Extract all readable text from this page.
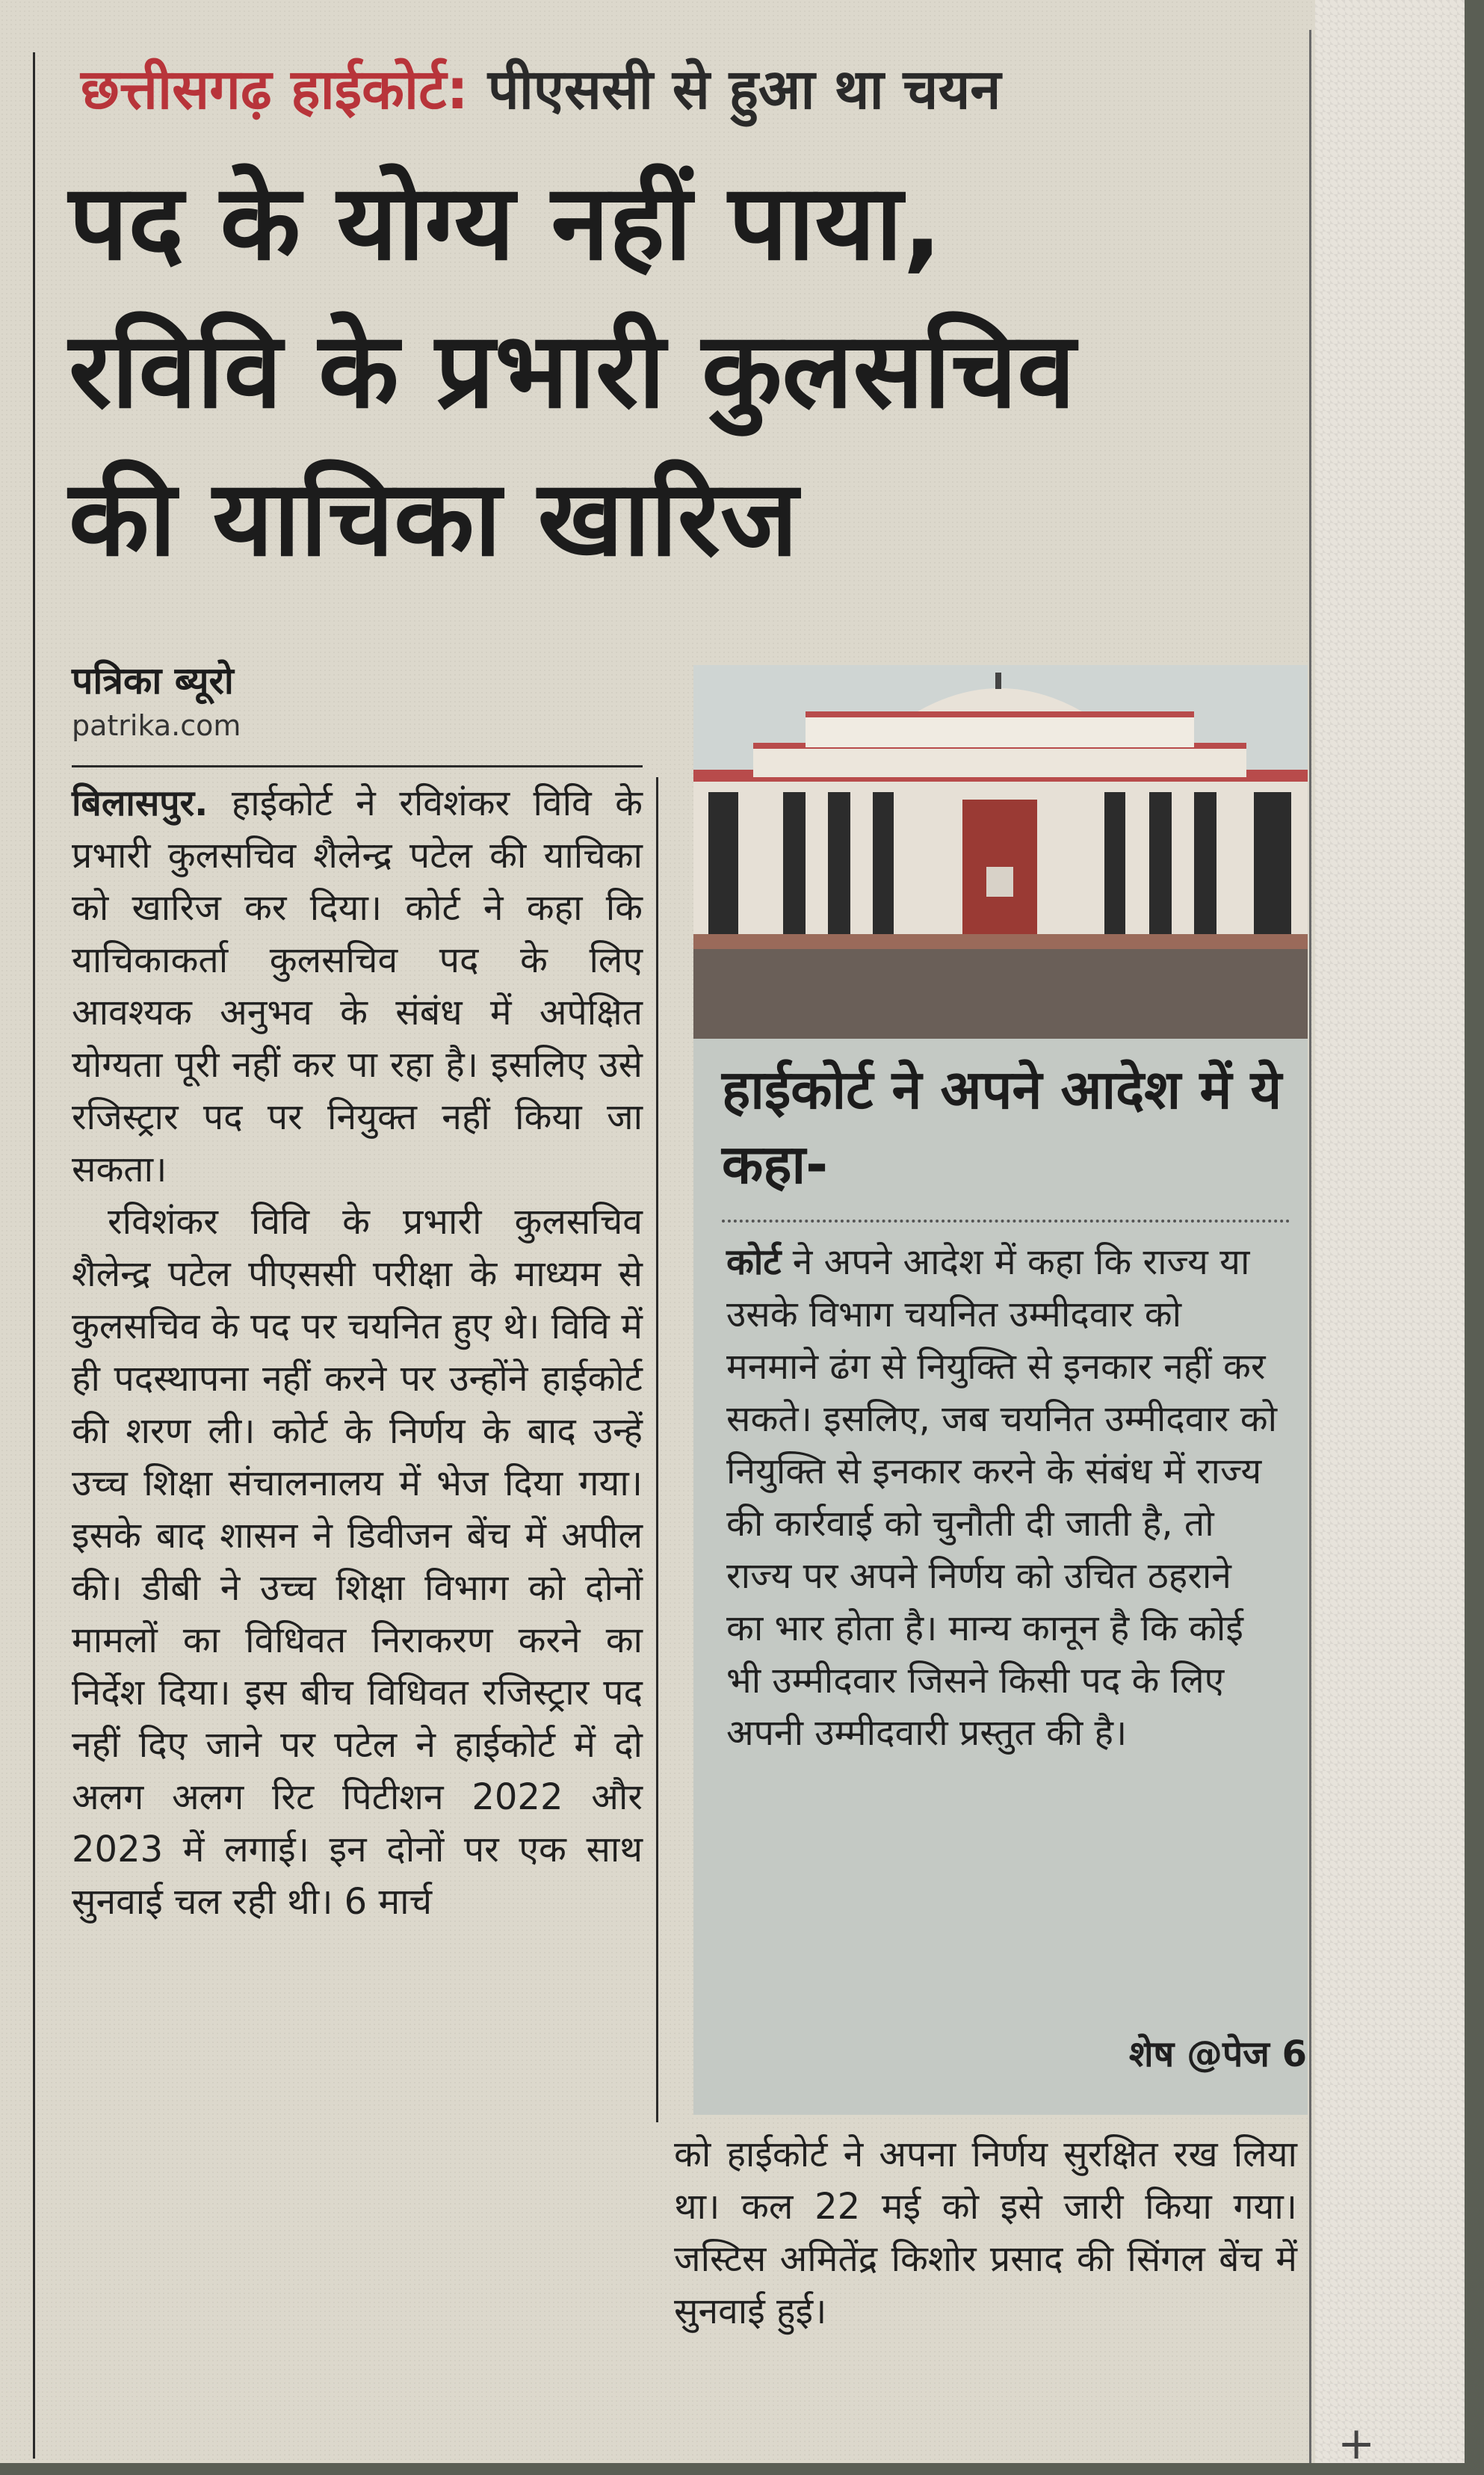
छत्तीसगढ़ हाईकोर्ट: पीएससी से हुआ था चयन
पद के योग्य नहीं पाया,
रविवि के प्रभारी कुलसचिव
की याचिका खारिज
पत्रिका ब्यूरो
patrika.com

बिलासपुर. हाईकोर्ट ने रविशंकर विवि के प्रभारी कुलसचिव शैलेन्द्र पटेल की याचिका को खारिज कर दिया। कोर्ट ने कहा कि याचिकाकर्ता कुलसचिव पद के लिए आवश्यक अनुभव के संबंध में अपेक्षित योग्यता पूरी नहीं कर पा रहा है। इसलिए उसे रजिस्ट्रार पद पर नियुक्त नहीं किया जा सकता।

रविशंकर विवि के प्रभारी कुलसचिव शैलेन्द्र पटेल पीएससी परीक्षा के माध्यम से कुलसचिव के पद पर चयनित हुए थे। विवि में ही पदस्थापना नहीं करने पर उन्होंने हाईकोर्ट की शरण ली। कोर्ट के निर्णय के बाद उन्हें उच्च शिक्षा संचालनालय में भेज दिया गया। इसके बाद शासन ने डिवीजन बेंच में अपील की। डीबी ने उच्च शिक्षा विभाग को दोनों मामलों का विधिवत निराकरण करने का निर्देश दिया। इस बीच विधिवत रजिस्ट्रार पद नहीं दिए जाने पर पटेल ने हाईकोर्ट में दो अलग अलग रिट पिटीशन 2022 और 2023 में लगाई। इन दोनों पर एक साथ सुनवाई चल रही थी। 6 मार्च

हाईकोर्ट ने अपने आदेश में ये कहा-

कोर्ट ने अपने आदेश में कहा कि राज्य या उसके विभाग चयनित उम्मीदवार को मनमाने ढंग से नियुक्ति से इनकार नहीं कर सकते। इसलिए, जब चयनित उम्मीदवार को नियुक्ति से इनकार करने के संबंध में राज्य की कार्रवाई को चुनौती दी जाती है, तो राज्य पर अपने निर्णय को उचित ठहराने का भार होता है। मान्य कानून है कि कोई भी उम्मीदवार जिसने किसी पद के लिए अपनी उम्मीदवारी प्रस्तुत की है।

शेष @पेज 6

को हाईकोर्ट ने अपना निर्णय सुरक्षित रख लिया था। कल 22 मई को इसे जारी किया गया। जस्टिस अमितेंद्र किशोर प्रसाद की सिंगल बेंच में सुनवाई हुई।

+
